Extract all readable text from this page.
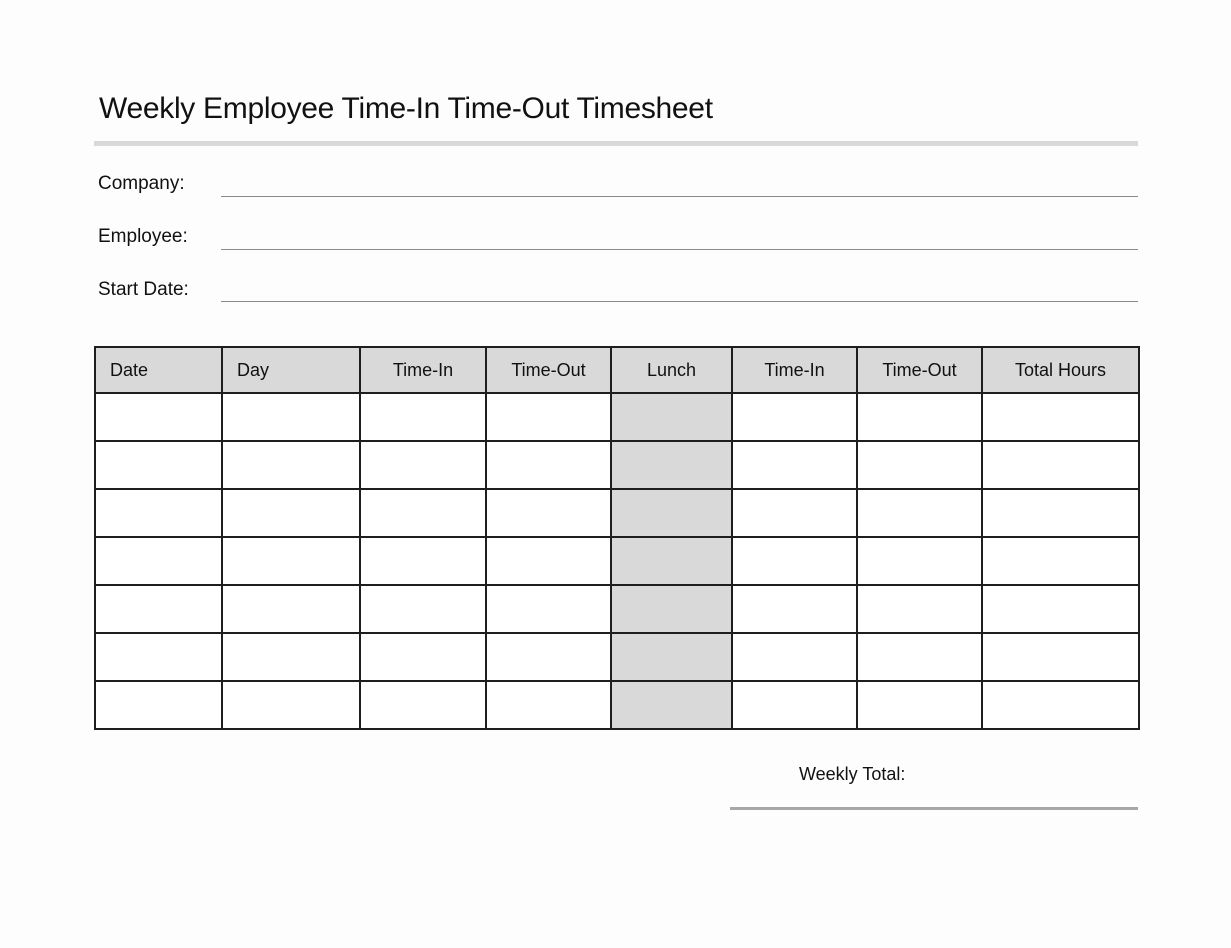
Weekly Employee Time-In Time-Out Timesheet
Company:
Employee:
Start Date:
Date	Day	Time-In	Time-Out	Lunch	Time-In	Time-Out	Total Hours

Weekly Total:
